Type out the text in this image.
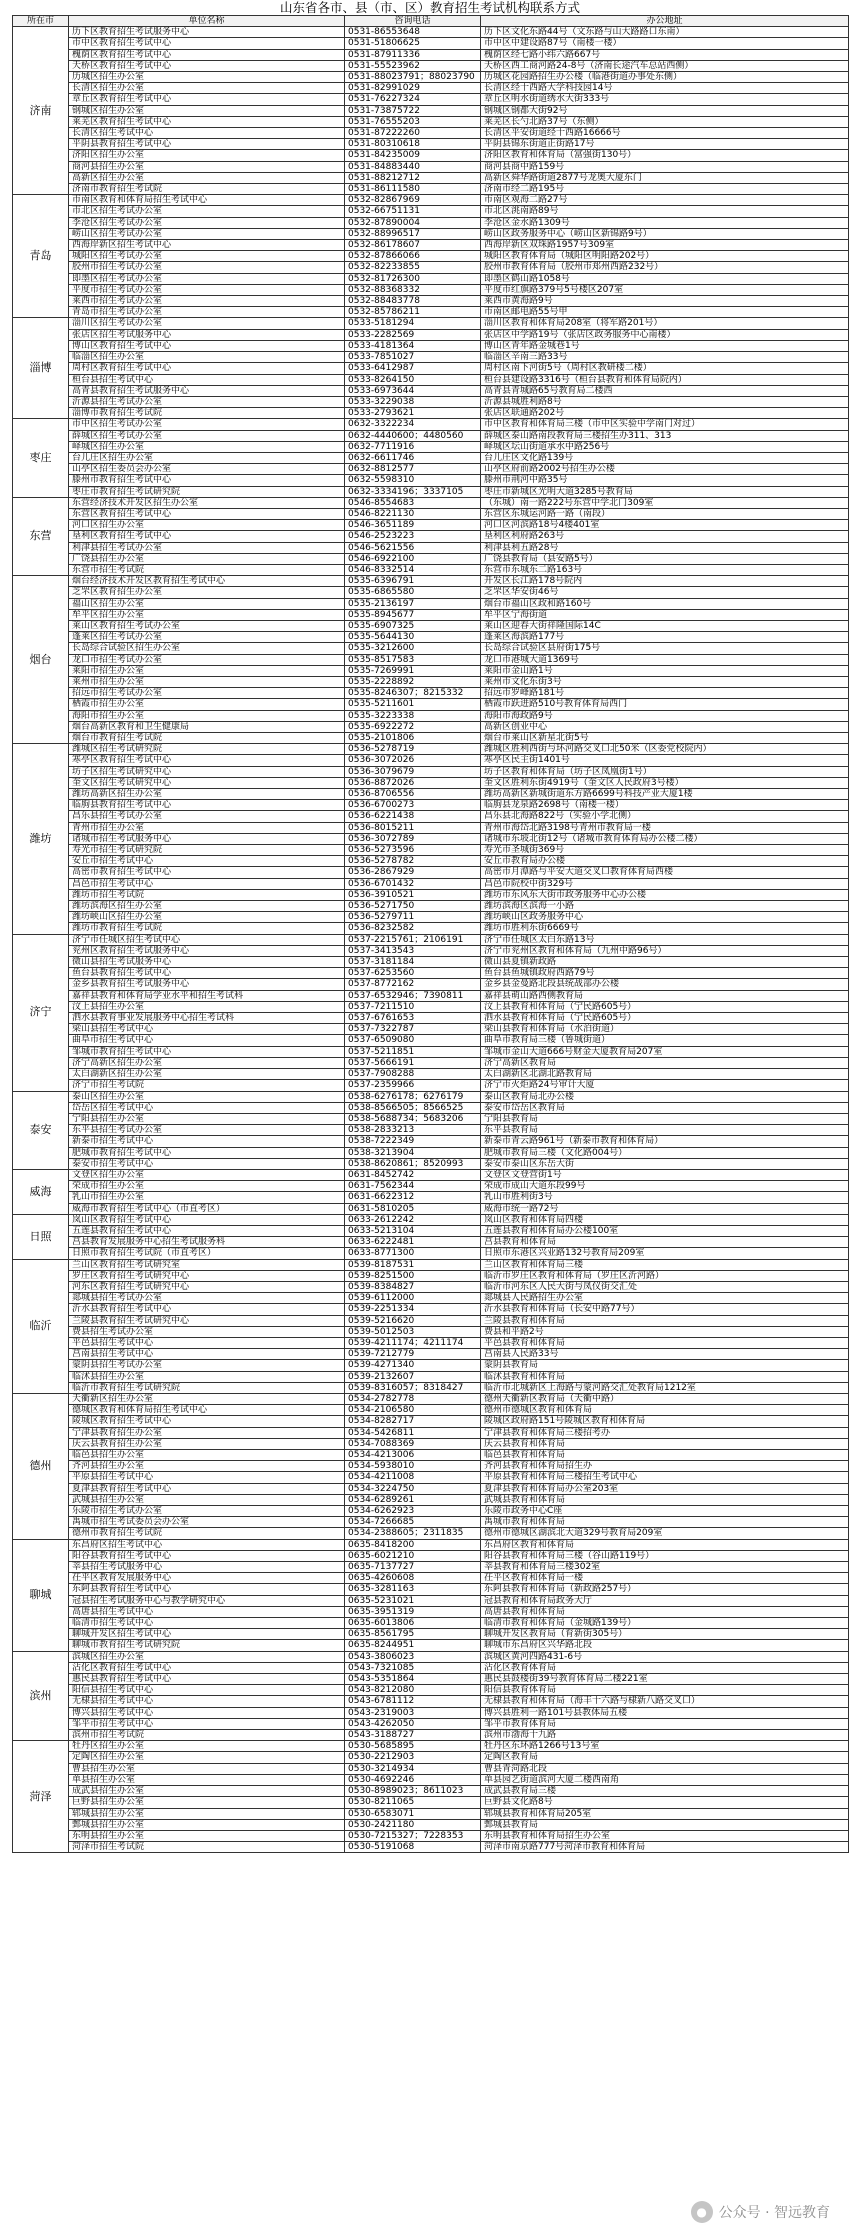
山东省各市、县（市、区）教育招生考试机构联系方式
所在市	单位名称	咨询电话	办公地址
济南	历下区教育招生考试服务中心	0531-86553648	历下区文化东路44号（文东路与山大路路口东南）
	市中区教育招生考试中心	0531-51806625	市中区中建设路87号（南楼一楼）
	槐荫区教育招生考试中心	0531-87911336	槐荫区经七路小纬六路667号
	天桥区教育招生考试中心	0531-55523962	天桥区西工商河路24-8号（济南长途汽车总站西侧）
	历城区招生办公室	0531-88023791；88023790	历城区花园路招生办公楼（临港街道办事处东侧）
	长清区招生办公室	0531-82991029	长清区经十西路大学科技园14号
	章丘区教育招生考试中心	0531-76227324	章丘区明水街道绣水大街333号
	钢城区招生办公室	0531-73875722	钢城区钢都大街92号
	莱芜区教育招生考试中心	0531-76555203	莱芜区长勺北路37号（东侧）
	长清区招生考试中心	0531-87222260	长清区平安街道经十西路16666号
	平阴县教育招生考试中心	0531-80310618	平阴县锦东街道正街路17号
	济阳区招生办公室	0531-84235009	济阳区教育和体育局（富强街130号）
	商河县招生办公室	0531-84883440	商河县商中路159号
	高新区招生办公室	0531-88212712	高新区舜华路街道2877号龙奥大厦东门
	济南市教育招生考试院	0531-86111580	济南市经二路195号
青岛	市南区教育和体育局招生考试中心	0532-82867969	市南区观海二路27号
	市北区招生考试办公室	0532-66751131	市北区洮南路89号
	李沧区招生考试办公室	0532-87890004	李沧区金水路1309号
	崂山区招生考试办公室	0532-88996517	崂山区政务服务中心（崂山区新锦路9号）
	西海岸新区招生考试中心	0532-86178607	西海岸新区双珠路1957号309室
	城阳区招生考试办公室	0532-87866066	城阳区教育体育局（城阳区明阳路202号）
	胶州市招生考试办公室	0532-82233855	胶州市教育体育局（胶州市郑州西路232号）
	即墨区招生考试办公室	0532-81726300	即墨区鹤山路1058号
	平度市招生考试办公室	0532-88368332	平度市红旗路379号5号楼区207室
	莱西市招生考试办公室	0532-88483778	莱西市黄海路9号
	青岛市招生考试办公室	0532-85786211	市南区邮电路55号甲
淄博	淄川区招生考试办公室	0533-5181294	淄川区教育和体育局208室（将军路201号）
	张店区招生考试服务中心	0533-2282569	张店区中学路19号（张店区政务服务中心南楼）
	博山区教育招生考试中心	0533-4181364	博山区青年路金城巷1号
	临淄区招生办公室	0533-7851027	临淄区辛南三路33号
	周村区教育招生考试中心	0533-6412987	周村区南下河街5号（周村区教研楼二楼）
	桓台县招生考试中心	0533-8264150	桓台县建设路3316号（桓台县教育和体育局院内）
	高青县教育招生考试服务中心	0533-6973644	高青县青城路65号教育局二楼西
	沂源县招生考试办公室	0533-3229038	沂源县城胜利路8号
	淄博市教育招生考试院	0533-2793621	张店区联通路202号
枣庄	市中区招生考试办公室	0632-3322234	市中区教育和体育局三楼（市中区实验中学南门对过）
	薛城区招生考试办公室	0632-4440600；4480560	薛城区泰山路南段教育局三楼招生办311、313
	峄城区招生办公室	0632-7711916	峄城区坛山街道承水中路256号
	台儿庄区招生办公室	0632-6611746	台儿庄区文化路139号
	山亭区招生委员会办公室	0632-8812577	山亭区府前路2002号招生办公楼
	滕州市教育招生考试中心	0632-5598310	滕州市荆河中路35号
	枣庄市教育招生考试研究院	0632-3334196；3337105	枣庄市新城区光明大道3285号教育局
东营	东营经济技术开发区招生办公室	0546-8554683	（东城）南一路222号东营中学北门309室
	东营区教育招生考试中心	0546-8221130	东营区东城运河路一路（南段）
	河口区招生办公室	0546-3651189	河口区河滨路18号4楼401室
	垦利区教育招生考试中心	0546-2523223	垦利区利府路263号
	利津县招生考试办公室	0546-5621556	利津县利五路28号
	广饶县招生办公室	0546-6922100	广饶县教育局（县安路5号）
	东营市招生考试院	0546-8332514	东营市东城东二路163号
烟台	烟台经济技术开发区教育招生考试中心	0535-6396791	开发区长江路178号院内
	芝罘区教育招生办公室	0535-6865580	芝罘区华安街46号
	福山区招生办公室	0535-2136197	烟台市福山区政和路160号
	牟平区招生办公室	0535-8945677	牟平区宁海街道
	莱山区教育招生考试办公室	0535-6907325	莱山区迎春大街祥隆国际14C
	蓬莱区招生考试办公室	0535-5644130	蓬莱区海滨路177号
	长岛综合试验区招生办公室	0535-3212600	长岛综合试验区县府街175号
	龙口市招生考试办公室	0535-8517583	龙口市港城大道1369号
	莱阳市招生办公室	0535-7269991	莱阳市金山路1号
	莱州市招生办公室	0535-2228892	莱州市文化东街3号
	招远市招生考试办公室	0535-8246307；8215332	招远市罗峰路181号
	栖霞市招生办公室	0535-5211601	栖霞市跃进路510号教育体育局西门
	海阳市招生办公室	0535-3223338	海阳市海政路9号
	烟台高新区教育和卫生健康局	0535-6922272	高新区创业中心
	烟台市教育招生考试院	0535-2101806	烟台市莱山区新星北街5号
潍坊	潍城区招生考试研究院	0536-5278719	潍城区胜利西街与环河路交叉口北50米（区委党校院内）
	寒亭区教育招生考试中心	0536-3072026	寒亭区民主街1401号
	坊子区招生考试研究中心	0536-3079679	坊子区教育和体育局（坊子区凤凰街1号）
	奎文区招生考试研究中心	0536-8872026	奎文区胜利东街4919号（奎文区人民政府3号楼）
	潍坊高新区招生办公室	0536-8706556	潍坊高新区新城街道东方路6699号科技产业大厦1楼
	临朐县教育招生考试中心	0536-6700273	临朐县龙泉路2698号（南楼一楼）
	昌乐县招生考试办公室	0536-6221438	昌乐县北海路822号（实验小学北侧）
	青州市招生办公室	0536-8015211	青州市海岱北路3198号青州市教育局一楼
	诸城市招生考试服务中心	0536-3072789	诸城市东坡北街12号（诸城市教育体育局办公楼二楼）
	寿光市招生考试研究院	0536-5273596	寿光市圣城街369号
	安丘市招生考试中心	0536-5278782	安丘市教育局办公楼
	高密市教育招生考试中心	0536-2867929	高密市月潭路与平安大道交叉口教育体育局西楼
	昌邑市招生考试中心	0536-6701432	昌邑市院校中街329号
	潍坊市招生考试院	0536-3910521	潍坊市东风东大街市政务服务中心办公楼
	潍坊滨海区招生办公室	0536-5271750	潍坊滨海区滨海一小路
	潍坊峡山区招生办公室	0536-5279711	潍坊峡山区政务服务中心
	潍坊市教育招生考试院	0536-8232582	潍坊市胜利东街6669号
济宁	济宁市任城区招生考试中心	0537-2215761；2106191	济宁市任城区太白东路13号
	兖州区教育招生考试服务中心	0537-3413543	济宁市兖州区教育和体育局（九州中路96号）
	微山县招生考试服务中心	0537-3181184	微山县夏镇新政路
	鱼台县教育招生考试中心	0537-6253560	鱼台县鱼城镇政府西路79号
	金乡县教育招生考试服务中心	0537-8772162	金乡县金曼路北段县统战部办公楼
	嘉祥县教育和体育局学业水平和招生考试科	0537-6532946；7390811	嘉祥县萌山路西侧教育局
	汶上县招生办公室	0537-7211510	汶上县教育和体育局（宁民路605号）
	泗水县教育事业发展服务中心招生考试科	0537-6761653	泗水县教育和体育局（宁民路605号）
	梁山县招生考试中心	0537-7322787	梁山县教育和体育局（水泊街道）
	曲阜市招生考试中心	0537-6509080	曲阜市教育局三楼（鲁城街道）
	邹城市教育招生考试中心	0537-5211851	邹城市金山大道666号财金大厦教育局207室
	济宁高新区招生办公室	0537-5666191	济宁高新区教育局
	太白湖新区招生办公室	0537-7908288	太白湖新区北湖北路教育局
	济宁市招生考试院	0537-2359966	济宁市火炬路24号审计大厦
泰安	泰山区招生办公室	0538-6276178；6276179	泰山区教育局北办公楼
	岱岳区招生考试中心	0538-8566505；8566525	泰安市岱岳区教育局
	宁阳县招生办公室	0538-5688734；5683206	宁阳县教育局
	东平县招生考试办公室	0538-2833213	东平县教育局
	新泰市招生考试中心	0538-7222349	新泰市青云路961号（新泰市教育和体育局）
	肥城市教育招生考试中心	0538-3213904	肥城市教育局三楼（文化路004号）
	泰安市招生考试中心	0538-8620861；8520993	泰安市泰山区东岳大街
威海	文登区招生办公室	0631-8452742	文登区文登营街1号
	荣成市招生办公室	0631-7562344	荣成市成山大道东段99号
	乳山市招生办公室	0631-6622312	乳山市胜利街3号
	威海市教育招生考试中心（市直考区）	0631-5810205	威海市统一路72号
日照	岚山区教育招生考试中心	0633-2612242	岚山区教育和体育局四楼
	五莲县教育招生考试中心	0633-5213104	五莲县教育和体育局办公楼100室
	莒县教育发展服务中心招生考试服务科	0633-6222481	莒县教育和体育局
	日照市教育招生考试院（市直考区）	0633-8771300	日照市东港区兴业路132号教育局209室
临沂	兰山区教育招生考试研究室	0539-8187531	兰山区教育和体育局三楼
	罗庄区教育招生考试研究中心	0539-8251500	临沂市罗庄区教育和体育局（罗庄区沂河路）
	河东区教育招生考试研究中心	0539-8384827	临沂市河东区人民大街与凤仪街交汇处
	郯城县招生考试办公室	0539-6112000	郯城县人民路招生办公室
	沂水县教育招生考试中心	0539-2251334	沂水县教育和体育局（长安中路77号）
	兰陵县教育招生考试研究中心	0539-5216620	兰陵县教育和体育局
	费县招生考试办公室	0539-5012503	费县和平路2号
	平邑县招生考试中心	0539-4211174；4211174	平邑县教育和体育局
	莒南县招生考试中心	0539-7212779	莒南县人民路33号
	蒙阴县招生考试办公室	0539-4271340	蒙阴县教育局
	临沭县招生办公室	0539-2132607	临沭县教育和体育局
	临沂市教育招生考试研究院	0539-8316057；8318427	临沂市北城新区上海路与蒙河路交汇处教育局1212室
德州	天衢新区招生办公室	0534-2782778	德州天衢新区教育局（天衢中路）
	德城区教育和体育局招生考试中心	0534-2106580	德州市德城区教育和体育局
	陵城区教育招生考试中心	0534-8282717	陵城区政府路151号陵城区教育和体育局
	宁津县教育招生办公室	0534-5426811	宁津县教育和体育局三楼招考办
	庆云县教育招生办公室	0534-7088369	庆云县教育和体育局
	临邑县招生办公室	0534-4213006	临邑县教育和体育局
	齐河县招生办公室	0534-5938010	齐河县教育和体育局招生办
	平原县招生考试中心	0534-4211008	平原县教育和体育局三楼招生考试中心
	夏津县教育招生考试中心	0534-3224750	夏津县教育和体育局办公室203室
	武城县招生办公室	0534-6289261	武城县教育和体育局
	乐陵市招生考试办公室	0534-6262923	乐陵市政务中心C座
	禹城市招生考试委员会办公室	0534-7266685	禹城市教育和体育局
	德州市教育招生考试院	0534-2388605；2311835	德州市德城区湖滨北大道329号教育局209室
聊城	东昌府区招生考试中心	0635-8418200	东昌府区教育和体育局
	阳谷县教育招生考试中心	0635-6021210	阳谷县教育和体育局三楼（谷山路119号）
	莘县招生考试服务中心	0635-7137727	莘县教育和体育局三楼302室
	茌平区教育发展服务中心	0635-4260608	茌平区教育和体育局一楼
	东阿县教育招生考试中心	0635-3281163	东阿县教育和体育局（新政路257号）
	冠县招生考试服务中心与教学研究中心	0635-5231021	冠县教育和体育局政务大厅
	高唐县招生考试中心	0635-3951319	高唐县教育和体育局
	临清市招生考试中心	0635-6013806	临清市教育和体育局（金城路139号）
	聊城开发区招生考试中心	0635-8561795	聊城开发区教育局（育新街305号）
	聊城市教育招生考试研究院	0635-8244951	聊城市东昌府区兴华路北段
滨州	滨城区招生办公室	0543-3806023	滨城区黄河四路431-6号
	沾化区教育招生考试中心	0543-7321085	沾化区教育体育局
	惠民县教育招生考试中心	0543-5351864	惠民县鼓楼街39号教育体育局二楼221室
	阳信县招生考试中心	0543-8212080	阳信县教育体育局
	无棣县招生考试中心	0543-6781112	无棣县教育和体育局（海丰十六路与棣新八路交叉口）
	博兴县招生考试中心	0543-2319003	博兴县胜利一路101号县教体局五楼
	邹平市招生考试中心	0543-4262050	邹平市教育体育局
	滨州市招生考试院	0543-3188727	滨州市渤海十九路
菏泽	牡丹区招生办公室	0530-5685895	牡丹区东环路1266号13号室
	定陶区招生办公室	0530-2212903	定陶区教育局
	曹县招生办公室	0530-3214934	曹县青菏路北段
	单县招生办公室	0530-4692246	单县园艺街道滨河大厦二楼西南角
	成武县招生办公室	0530-8989023；8611023	成武县教育局三楼
	巨野县招生办公室	0530-8211065	巨野县文化路8号
	郓城县招生办公室	0530-6583071	郓城县教育和体育局205室
	鄄城县招生办公室	0530-2421180	鄄城县教育局
	东明县招生办公室	0530-7215327；7228353	东明县教育和体育局招生办公室
	菏泽市招生考试院	0530-5191068	菏泽市南京路777号菏泽市教育和体育局
● 公众号 · 智远教育
